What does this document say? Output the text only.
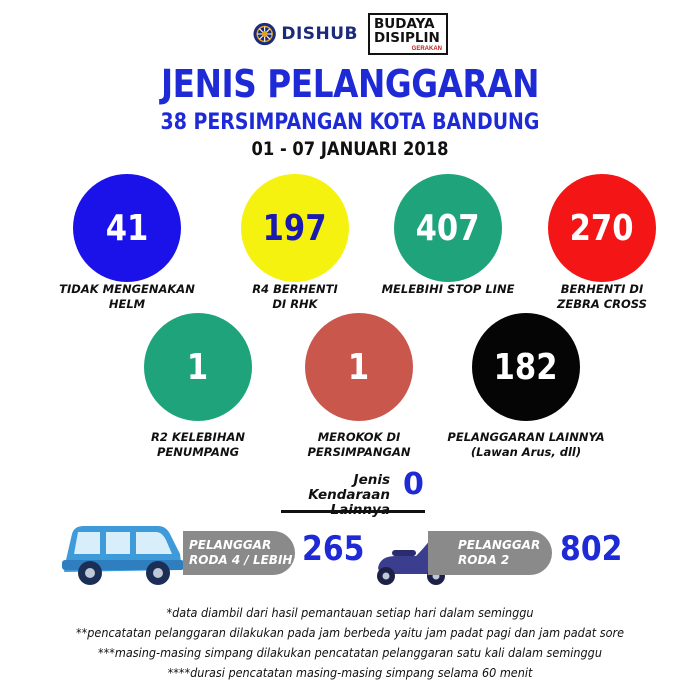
DISHUB BUDAYA
DISIPLIN
GERAKAN
JENIS PELANGGARAN
38 PERSIMPANGAN KOTA BANDUNG
01 - 07 JANUARI 2018
41
TIDAK MENGENAKAN
HELM
197
R4 BERHENTI
DI RHK
407
MELEBIHI STOP LINE
270
BERHENTI DI
ZEBRA CROSS
1
R2 KELEBIHAN
PENUMPANG
1
MEROKOK DI
PERSIMPANGAN
182
PELANGGARAN LAINNYA
(Lawan Arus, dll)
Jenis Kendaraan 0
PELANGGAR
RODA 4 / LEBIH 265	PELANGGAR
RODA 2	802
*data diambil dari hasil pemantauan setiap hari dalam seminggu
**pencatatan pelanggaran dilakukan pada jam berbeda yaitu jam padat pagi dan jam padat sore
***masing-masing simpang dilakukan pencatatan pelanggaran satu kali dalam seminggu
****durasi pencatatan masing-masing simpang selama 60 menit
